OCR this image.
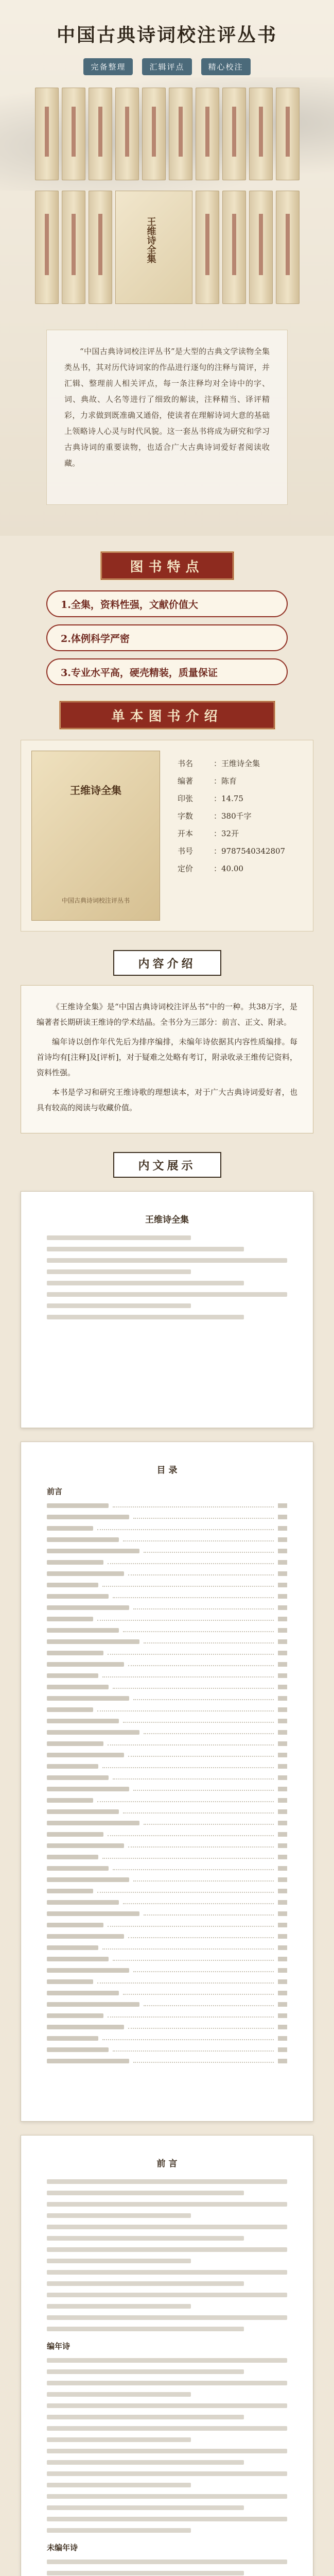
中国古典诗词校注评丛书
完备整理	汇辑评点	精心校注
王维诗全集

“中国古典诗词校注评丛书”是大型的古典文学读物全集类丛书，其对历代诗词家的作品进行逐句的注释与简评，并汇辑、整理前人相关评点，每一条注释均对全诗中的字、词、典故、人名等进行了细致的解读，注释精当、译评精彩，力求做到既准确又通俗，使读者在理解诗词大意的基础上领略诗人心灵与时代风貌。这一套丛书将成为研究和学习古典诗词的重要读物，也适合广大古典诗词爱好者阅读收藏。

图书特点
1.全集，资料性强，文献价值大
2.体例科学严密
3.专业水平高，硬壳精装，质量保证
单本图书介绍
王维诗全集
中国古典诗词校注评丛书
书名	： 王维诗全集
编著	： 陈育
印张	： 14.75
字数	： 380千字
开本	： 32开
书号	： 9787540342807
定价	： 40.00
内容介绍

《王维诗全集》是“中国古典诗词校注评丛书”中的一种。共38万字，是编著者长期研读王维诗的学术结晶。全书分为三部分：前言、正文、附录。

编年诗以创作年代先后为排序编排，未编年诗依据其内容性质编排。每首诗均有[注释]及[评析]，对于疑难之处略有考订，附录收录王维传记资料，资料性强。

本书是学习和研究王维诗歌的理想读本，对于广大古典诗词爱好者，也具有较高的阅读与收藏价值。

内文展示
王维诗全集
目 录
前言
前 言
编年诗
未编年诗
